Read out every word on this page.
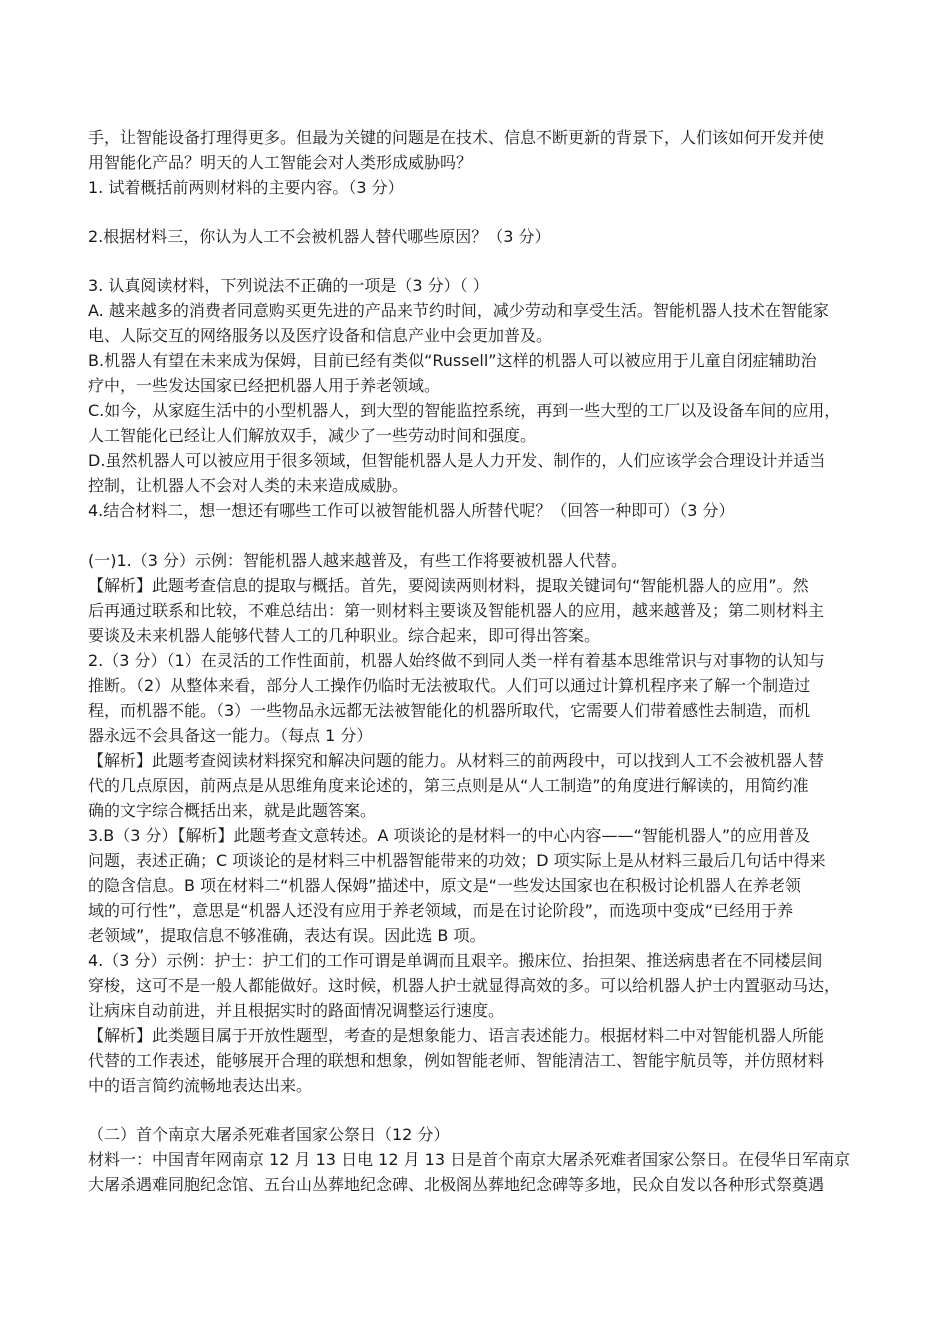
手，让智能设备打理得更多。但最为关键的问题是在技术、信息不断更新的背景下，人们该如何开发并使
用智能化产品？明天的人工智能会对人类形成威胁吗？
1. 试着概括前两则材料的主要内容。（3 分）
2.根据材料三，你认为人工不会被机器人替代哪些原因？（3 分）
3. 认真阅读材料，下列说法不正确的一项是（3 分）（ ）
A. 越来越多的消费者同意购买更先进的产品来节约时间，减少劳动和享受生活。智能机器人技术在智能家
电、人际交互的网络服务以及医疗设备和信息产业中会更加普及。
B.机器人有望在未来成为保姆，目前已经有类似“Russell”这样的机器人可以被应用于儿童自闭症辅助治
疗中，一些发达国家已经把机器人用于养老领域。
C.如今，从家庭生活中的小型机器人，到大型的智能监控系统，再到一些大型的工厂以及设备车间的应用，
人工智能化已经让人们解放双手，减少了一些劳动时间和强度。
D.虽然机器人可以被应用于很多领域，但智能机器人是人力开发、制作的，人们应该学会合理设计并适当
控制，让机器人不会对人类的未来造成威胁。
4.结合材料二，想一想还有哪些工作可以被智能机器人所替代呢？（回答一种即可）（3 分）
(一)1.（3 分）示例：智能机器人越来越普及，有些工作将要被机器人代替。
【解析】此题考查信息的提取与概括。首先，要阅读两则材料，提取关键词句“智能机器人的应用”。然
后再通过联系和比较，不难总结出：第一则材料主要谈及智能机器人的应用，越来越普及；第二则材料主
要谈及未来机器人能够代替人工的几种职业。综合起来，即可得出答案。
2.（3 分）（1）在灵活的工作性面前，机器人始终做不到同人类一样有着基本思维常识与对事物的认知与
推断。（2）从整体来看，部分人工操作仍临时无法被取代。人们可以通过计算机程序来了解一个制造过
程，而机器不能。（3）一些物品永远都无法被智能化的机器所取代，它需要人们带着感性去制造，而机
器永远不会具备这一能力。（每点 1 分）
【解析】此题考查阅读材料探究和解决问题的能力。从材料三的前两段中，可以找到人工不会被机器人替
代的几点原因，前两点是从思维角度来论述的，第三点则是从“人工制造”的角度进行解读的，用简约准
确的文字综合概括出来，就是此题答案。
3.B（3 分）【解析】此题考查文意转述。A 项谈论的是材料一的中心内容——“智能机器人”的应用普及
问题，表述正确；C 项谈论的是材料三中机器智能带来的功效；D 项实际上是从材料三最后几句话中得来
的隐含信息。B 项在材料二“机器人保姆”描述中，原文是“一些发达国家也在积极讨论机器人在养老领
域的可行性”，意思是“机器人还没有应用于养老领域，而是在讨论阶段”，而选项中变成“已经用于养
老领域”，提取信息不够准确，表达有误。因此选 B 项。
4.（3 分）示例：护士：护工们的工作可谓是单调而且艰辛。搬床位、抬担架、推送病患者在不同楼层间
穿梭，这可不是一般人都能做好。这时候，机器人护士就显得高效的多。可以给机器人护士内置驱动马达，
让病床自动前进，并且根据实时的路面情况调整运行速度。
【解析】此类题目属于开放性题型，考查的是想象能力、语言表述能力。根据材料二中对智能机器人所能
代替的工作表述，能够展开合理的联想和想象，例如智能老师、智能清洁工、智能宇航员等，并仿照材料
中的语言简约流畅地表达出来。
（二）首个南京大屠杀死难者国家公祭日（12 分）
材料一：中国青年网南京 12 月 13 日电 12 月 13 日是首个南京大屠杀死难者国家公祭日。在侵华日军南京
大屠杀遇难同胞纪念馆、五台山丛葬地纪念碑、北极阁丛葬地纪念碑等多地，民众自发以各种形式祭奠遇
